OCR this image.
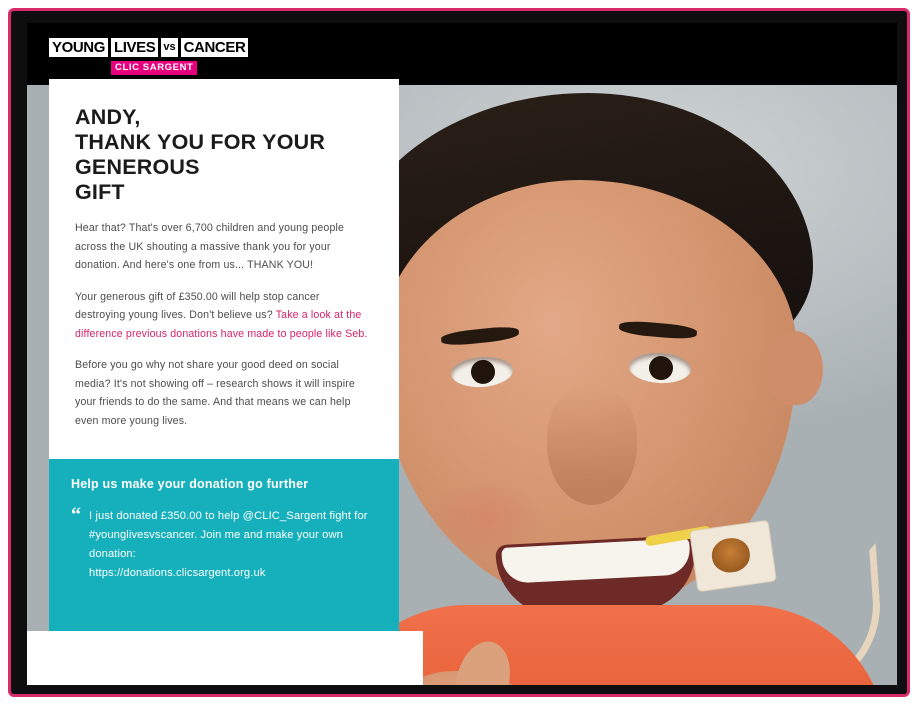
YOUNG LIVES vs CANCER
CLIC SARGENT
ANDY,
THANK YOU FOR YOUR GENEROUS
GIFT

Hear that? That's over 6,700 children and young people across the UK shouting a massive thank you for your donation. And here's one from us... THANK YOU!

Your generous gift of £350.00 will help stop cancer destroying young lives. Don't believe us? Take a look at the difference previous donations have made to people like Seb.

Before you go why not share your good deed on social media? It's not showing off – research shows it will inspire your friends to do the same. And that means we can help even more young lives.

Help us make your donation go further
“ I just donated £350.00 to help @CLIC_Sargent fight for #younglivesvscancer. Join me and make your own donation:
https://donations.clicsargent.org.uk
